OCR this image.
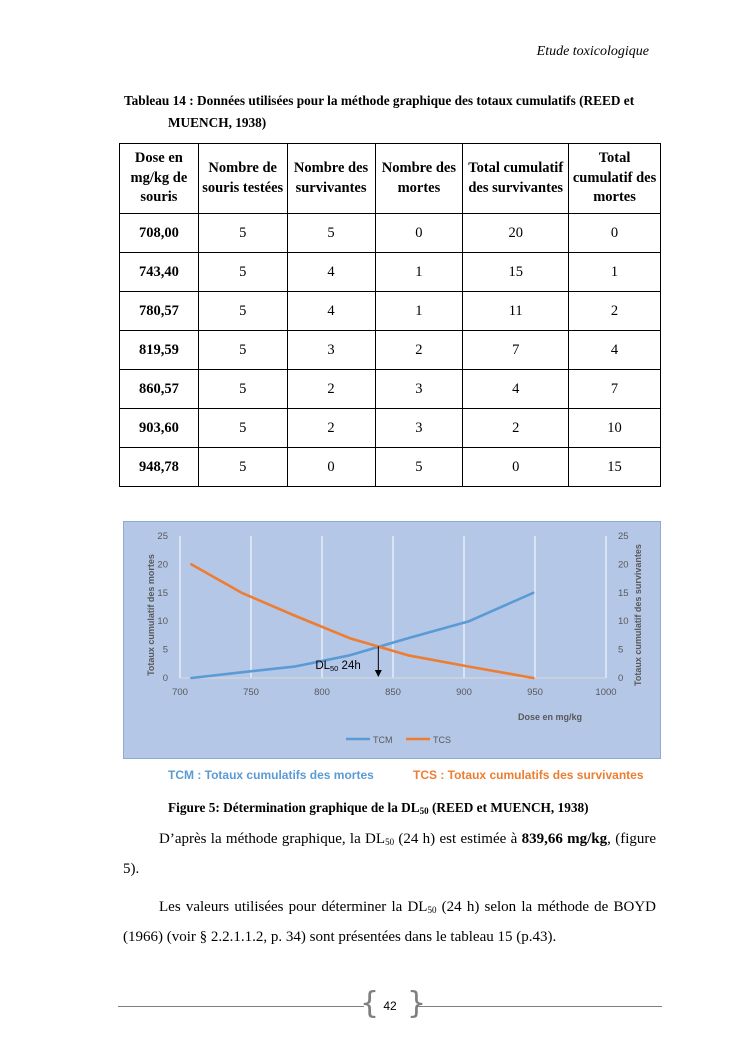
Etude toxicologique
Tableau 14 : Données utilisées pour la méthode graphique des totaux cumulatifs (REED et
MUENCH, 1938)
Dose en mg/kg de souris	Nombre de souris testées	Nombre des survivantes	Nombre des mortes	Total cumulatif des survivantes	Total cumulatif des mortes
708,00	5	5	0	20	0
743,40	5	4	1	15	1
780,57	5	4	1	11	2
819,59	5	3	2	7	4
860,57	5	2	3	4	7
903,60	5	2	3	2	10
948,78	5	0	5	0	15
700	750	800	850	900	950	1000
0	0
5	5
10	10
15	15
20	20
25	25
Totaux cumulatif des mortes	Totaux cumulatif des survivantes
Dose en mg/kg
DL50 24h
TCM	TCS
TCM : Totaux cumulatifs des mortes	TCS : Totaux cumulatifs des survivantes
Figure 5: Détermination graphique de la $DL_{50}$ (REED et MUENCH, 1938)
D’après la méthode graphique, la $DL_{50}$ (24 h) est estimée à 839,66 mg/kg, (figure 5).
Les valeurs utilisées pour déterminer la $DL_{50}$ (24 h) selon la méthode de BOYD (1966) (voir § 2.2.1.1.2, p. 34) sont présentées dans le tableau 15 (p.43).
{ }
42
